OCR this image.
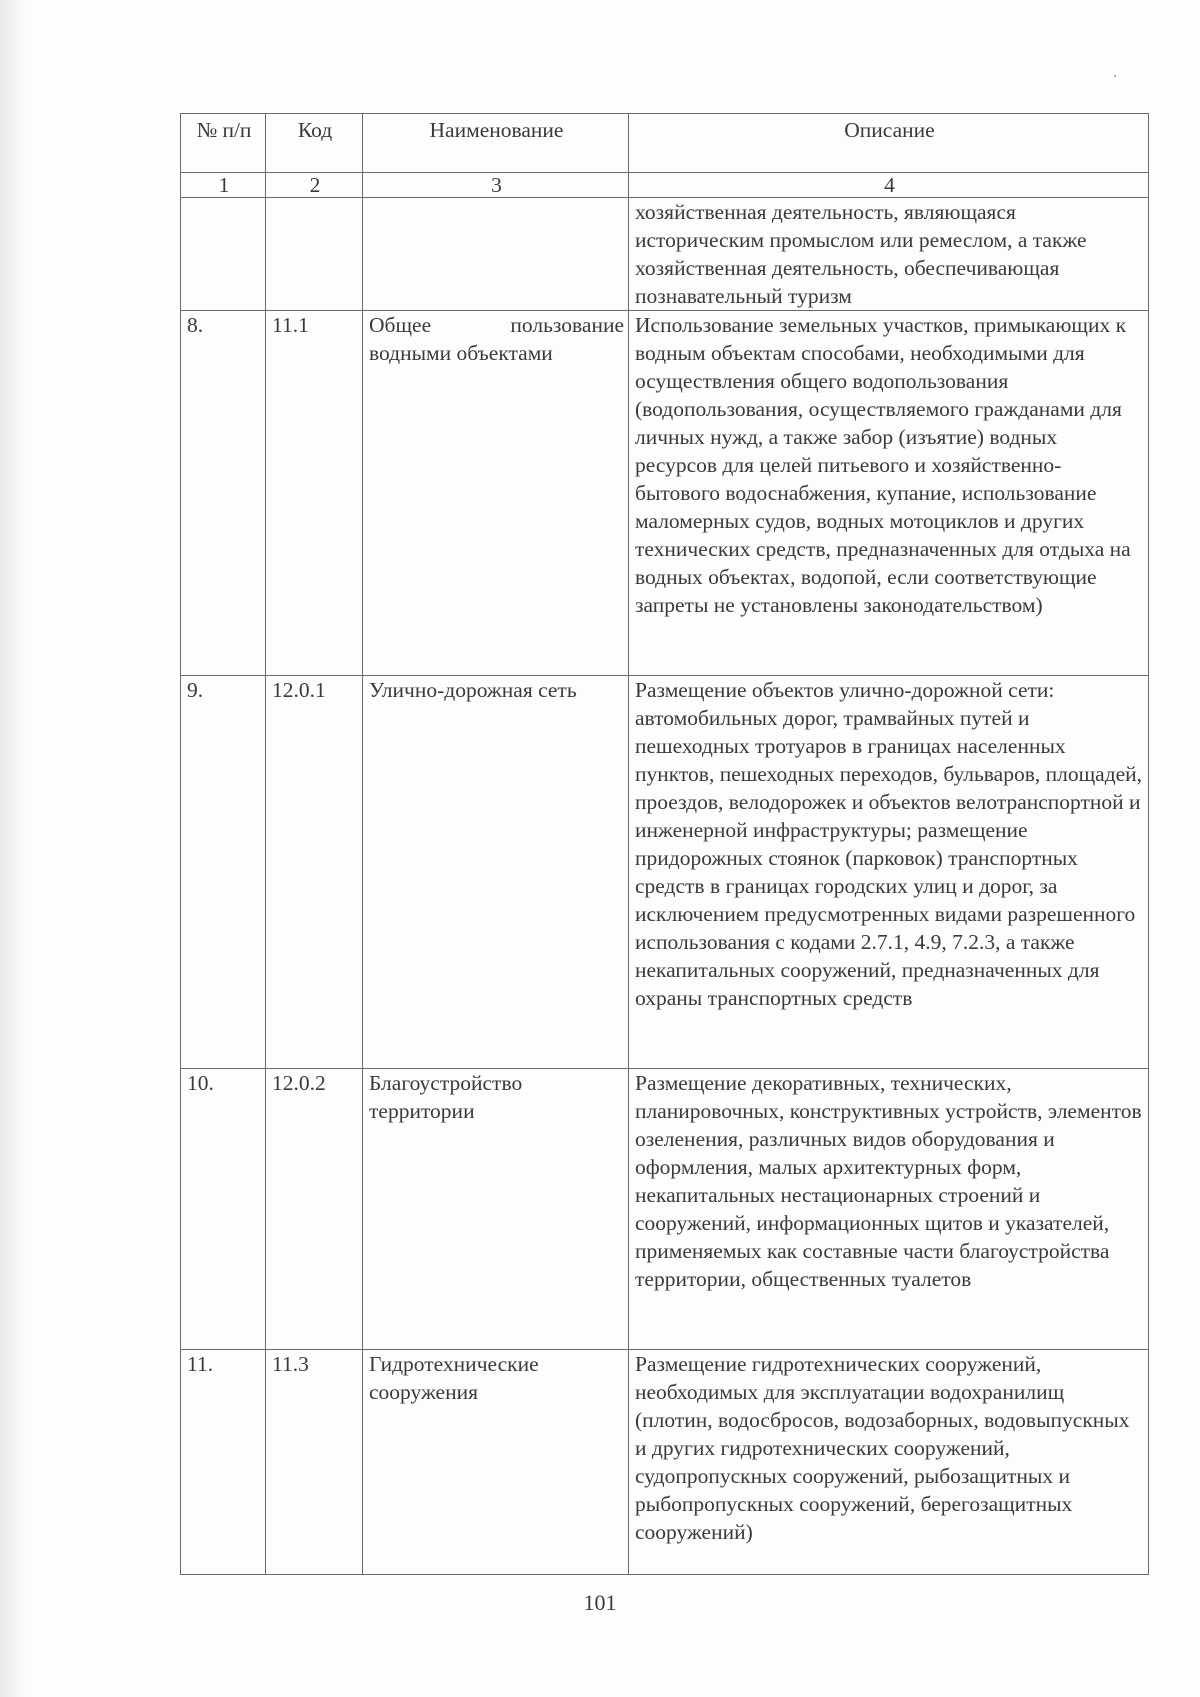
№ п/п	Код	Наименование	Описание
1	2	3	4
			хозяйственная деятельность, являющаяся историческим промыслом или ремеслом, а также хозяйственная деятельность, обеспечивающая познавательный туризм
8.	11.1	Общее пользование водными объектами	Использование земельных участков, примыкающих к водным объектам способами, необходимыми для осуществления общего водопользования (водопользования, осуществляемого гражданами для личных нужд, а также забор (изъятие) водных ресурсов для целей питьевого и хозяйственно-бытового водоснабжения, купание, использование маломерных судов, водных мотоциклов и других технических средств, предназначенных для отдыха на водных объектах, водопой, если соответствующие запреты не установлены законодательством)
9.	12.0.1	Улично-дорожная сеть	Размещение объектов улично-дорожной сети: автомобильных дорог, трамвайных путей и пешеходных тротуаров в границах населенных пунктов, пешеходных переходов, бульваров, площадей, проездов, велодорожек и объектов велотранспортной и инженерной инфраструктуры; размещение придорожных стоянок (парковок) транспортных средств в границах городских улиц и дорог, за исключением предусмотренных видами разрешенного использования с кодами 2.7.1, 4.9, 7.2.3, а также некапитальных сооружений, предназначенных для охраны транспортных средств
10.	12.0.2	Благоустройство территории	Размещение декоративных, технических, планировочных, конструктивных устройств, элементов озеленения, различных видов оборудования и оформления, малых архитектурных форм, некапитальных нестационарных строений и сооружений, информационных щитов и указателей, применяемых как составные части благоустройства территории, общественных туалетов
11.	11.3	Гидротехнические сооружения	Размещение гидротехнических сооружений, необходимых для эксплуатации водохранилищ (плотин, водосбросов, водозаборных, водовыпускных и других гидротехнических сооружений, судопропускных сооружений, рыбозащитных и рыбопропускных сооружений, берегозащитных сооружений)
101
